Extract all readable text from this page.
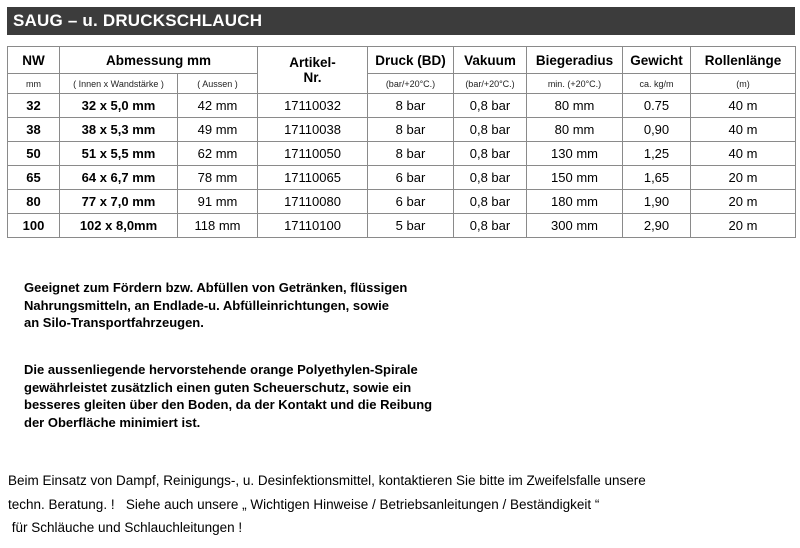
SAUG – u. DRUCKSCHLAUCH
NW	Abmessung mm		Artikel-
Nr.	Druck (BD)	Vakuum	Biegeradius	Gewicht	Rollenlänge
mm	( Innen x Wandstärke )	( Aussen )		(bar/+20°C.)	(bar/+20°C.)	min. (+20°C.)	ca. kg/m	(m)
32	32 x 5,0 mm	42 mm	17110032	8 bar	0,8 bar	80 mm	0.75	40 m
38	38 x 5,3 mm	49 mm	17110038	8 bar	0,8 bar	80 mm	0,90	40 m
50	51 x 5,5 mm	62 mm	17110050	8 bar	0,8 bar	130 mm	1,25	40 m
65	64 x 6,7 mm	78 mm	17110065	6 bar	0,8 bar	150 mm	1,65	20 m
80	77 x 7,0 mm	91 mm	17110080	6 bar	0,8 bar	180 mm	1,90	20 m
100	102 x 8,0mm	118 mm	17110100	5 bar	0,8 bar	300 mm	2,90	20 m
Geeignet zum Fördern bzw. Abfüllen von Getränken, flüssigen
Nahrungsmitteln, an Endlade-u. Abfülleinrichtungen, sowie
an Silo-Transportfahrzeugen.
Die aussenliegende hervorstehende orange Polyethylen-Spirale
gewährleistet zusätzlich einen guten Scheuerschutz, sowie ein
besseres gleiten über den Boden, da der Kontakt und die Reibung
der Oberfläche minimiert ist.
Beim Einsatz von Dampf, Reinigungs-, u. Desinfektionsmittel, kontaktieren Sie bitte im Zweifelsfalle unsere
techn. Beratung. !   Siehe auch unsere „ Wichtigen Hinweise / Betriebsanleitungen / Beständigkeit “
für Schläuche und Schlauchleitungen !
